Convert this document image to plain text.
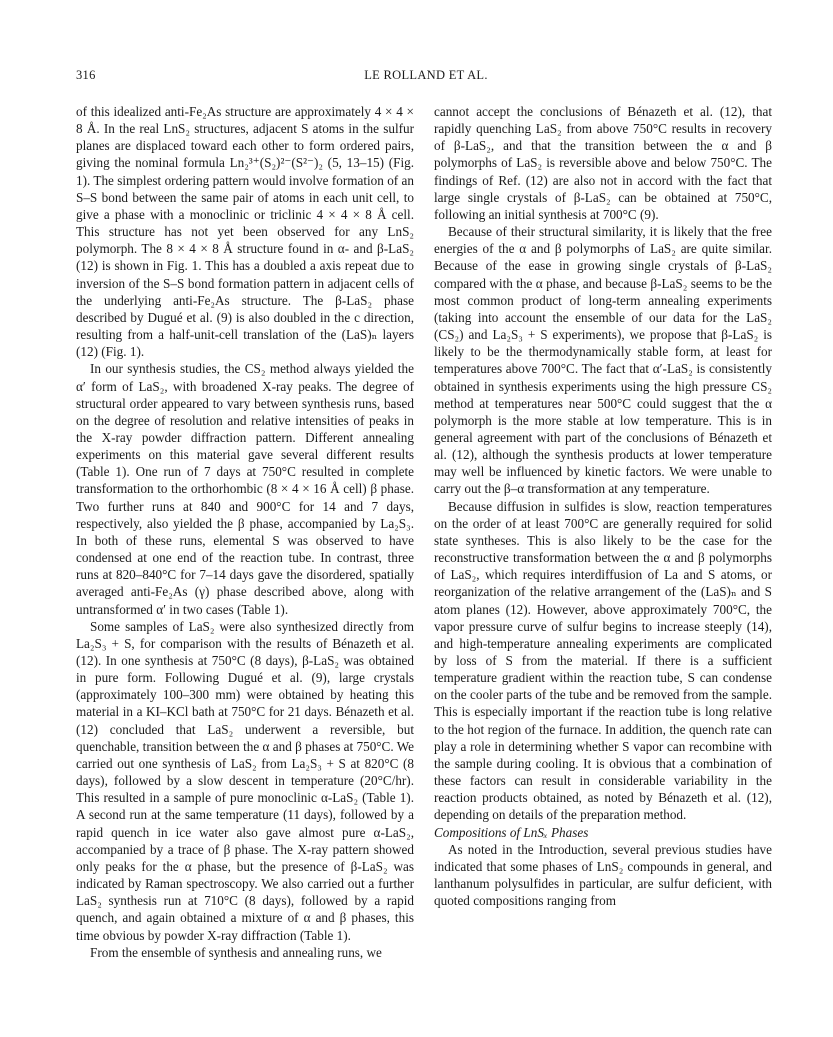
316	LE ROLLAND ET AL.

of this idealized anti-Fe₂As structure are approximately 4 × 4 × 8 Å. In the real LnS₂ structures, adjacent S atoms in the sulfur planes are displaced toward each other to form ordered pairs, giving the nominal formula Ln₂³⁺(S₂)²⁻(S²⁻)₂ (5, 13–15) (Fig. 1). The simplest ordering pattern would involve formation of an S–S bond between the same pair of atoms in each unit cell, to give a phase with a monoclinic or triclinic 4 × 4 × 8 Å cell. This structure has not yet been observed for any LnS₂ polymorph. The 8 × 4 × 8 Å structure found in α- and β-LaS₂ (12) is shown in Fig. 1. This has a doubled a axis repeat due to inversion of the S–S bond formation pattern in adjacent cells of the underlying anti-Fe₂As structure. The β-LaS₂ phase described by Dugué et al. (9) is also doubled in the c direction, resulting from a half-unit-cell translation of the (LaS)ₙ layers (12) (Fig. 1).

In our synthesis studies, the CS₂ method always yielded the α′ form of LaS₂, with broadened X-ray peaks. The degree of structural order appeared to vary between synthesis runs, based on the degree of resolution and relative intensities of peaks in the X-ray powder diffraction pattern. Different annealing experiments on this material gave several different results (Table 1). One run of 7 days at 750°C resulted in complete transformation to the orthorhombic (8 × 4 × 16 Å cell) β phase. Two further runs at 840 and 900°C for 14 and 7 days, respectively, also yielded the β phase, accompanied by La₂S₃. In both of these runs, elemental S was observed to have condensed at one end of the reaction tube. In contrast, three runs at 820–840°C for 7–14 days gave the disordered, spatially averaged anti-Fe₂As (γ) phase described above, along with untransformed α′ in two cases (Table 1).

Some samples of LaS₂ were also synthesized directly from La₂S₃ + S, for comparison with the results of Bénazeth et al. (12). In one synthesis at 750°C (8 days), β-LaS₂ was obtained in pure form. Following Dugué et al. (9), large crystals (approximately 100–300 mm) were obtained by heating this material in a KI–KCl bath at 750°C for 21 days. Bénazeth et al. (12) concluded that LaS₂ underwent a reversible, but quenchable, transition between the α and β phases at 750°C. We carried out one synthesis of LaS₂ from La₂S₃ + S at 820°C (8 days), followed by a slow descent in temperature (20°C/hr). This resulted in a sample of pure monoclinic α-LaS₂ (Table 1). A second run at the same temperature (11 days), followed by a rapid quench in ice water also gave almost pure α-LaS₂, accompanied by a trace of β phase. The X-ray pattern showed only peaks for the α phase, but the presence of β-LaS₂ was indicated by Raman spectroscopy. We also carried out a further LaS₂ synthesis run at 710°C (8 days), followed by a rapid quench, and again obtained a mixture of α and β phases, this time obvious by powder X-ray diffraction (Table 1).

From the ensemble of synthesis and annealing runs, we

cannot accept the conclusions of Bénazeth et al. (12), that rapidly quenching LaS₂ from above 750°C results in recovery of β-LaS₂, and that the transition between the α and β polymorphs of LaS₂ is reversible above and below 750°C. The findings of Ref. (12) are also not in accord with the fact that large single crystals of β-LaS₂ can be obtained at 750°C, following an initial synthesis at 700°C (9).

Because of their structural similarity, it is likely that the free energies of the α and β polymorphs of LaS₂ are quite similar. Because of the ease in growing single crystals of β-LaS₂ compared with the α phase, and because β-LaS₂ seems to be the most common product of long-term annealing experiments (taking into account the ensemble of our data for the LaS₂ (CS₂) and La₂S₃ + S experiments), we propose that β-LaS₂ is likely to be the thermodynamically stable form, at least for temperatures above 700°C. The fact that α′-LaS₂ is consistently obtained in synthesis experiments using the high pressure CS₂ method at temperatures near 500°C could suggest that the α polymorph is the more stable at low temperature. This is in general agreement with part of the conclusions of Bénazeth et al. (12), although the synthesis products at lower temperature may well be influenced by kinetic factors. We were unable to carry out the β–α transformation at any temperature.

Because diffusion in sulfides is slow, reaction temperatures on the order of at least 700°C are generally required for solid state syntheses. This is also likely to be the case for the reconstructive transformation between the α and β polymorphs of LaS₂, which requires interdiffusion of La and S atoms, or reorganization of the relative arrangement of the (LaS)ₙ and S atom planes (12). However, above approximately 700°C, the vapor pressure curve of sulfur begins to increase steeply (14), and high-temperature annealing experiments are complicated by loss of S from the material. If there is a sufficient temperature gradient within the reaction tube, S can condense on the cooler parts of the tube and be removed from the sample. This is especially important if the reaction tube is long relative to the hot region of the furnace. In addition, the quench rate can play a role in determining whether S vapor can recombine with the sample during cooling. It is obvious that a combination of these factors can result in considerable variability in the reaction products obtained, as noted by Bénazeth et al. (12), depending on details of the preparation method.

Compositions of LnSₓ Phases

As noted in the Introduction, several previous studies have indicated that some phases of LnS₂ compounds in general, and lanthanum polysulfides in particular, are sulfur deficient, with quoted compositions ranging from
